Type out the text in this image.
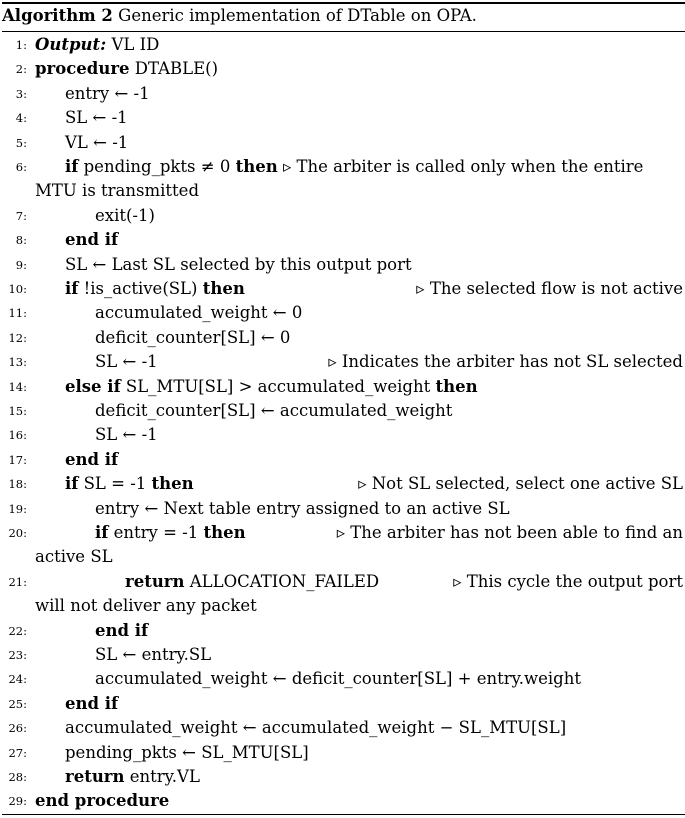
Algorithm 2 Generic implementation of DTable on OPA.
1: Output: VL ID
2: procedure DTABLE()
3: entry ← -1
4: SL ← -1
5: VL ← -1
6: if pending_pkts ≠ 0 then ▹ The arbiter is called only when the entire
MTU is transmitted
7:	exit(-1)
8: end if
9: SL ← Last SL selected by this output port
10: if !is_active(SL) then	▹ The selected flow is not active
11:	accumulated_weight ← 0
12:	deficit_counter[SL] ← 0
13:	SL ← -1	▹ Indicates the arbiter has not SL selected
14: else if SL_MTU[SL] > accumulated_weight then
15:	deficit_counter[SL] ← accumulated_weight
16:	SL ← -1
17: end if
18: if SL = -1 then	▹ Not SL selected, select one active SL
19:	entry ← Next table entry assigned to an active SL
20:	if entry = -1 then	▹ The arbiter has not been able to find an
active SL
21:	return ALLOCATION_FAILED	▹ This cycle the output port
will not deliver any packet
22:	end if
23:	SL ← entry.SL
24:	accumulated_weight ← deficit_counter[SL] + entry.weight
25: end if
26: accumulated_weight ← accumulated_weight − SL_MTU[SL]
27: pending_pkts ← SL_MTU[SL]
28: return entry.VL
29: end procedure
